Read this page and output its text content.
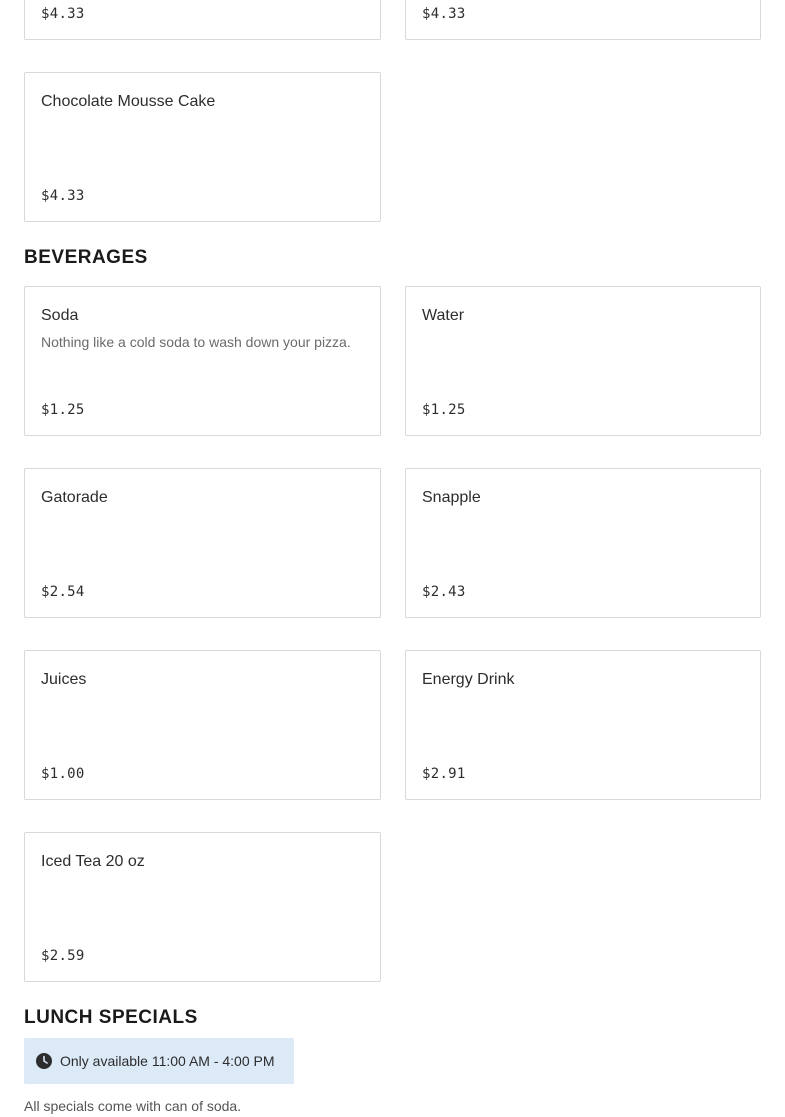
$4.33	$4.33
Chocolate Mousse Cake
$4.33
BEVERAGES
Soda
Nothing like a cold soda to wash down your pizza.
$1.25
Water
$1.25
Gatorade
$2.54
Snapple
$2.43
Juices
$1.00
Energy Drink
$2.91
Iced Tea 20 oz
$2.59
LUNCH SPECIALS
Only available 11:00 AM - 4:00 PM
All specials come with can of soda.
